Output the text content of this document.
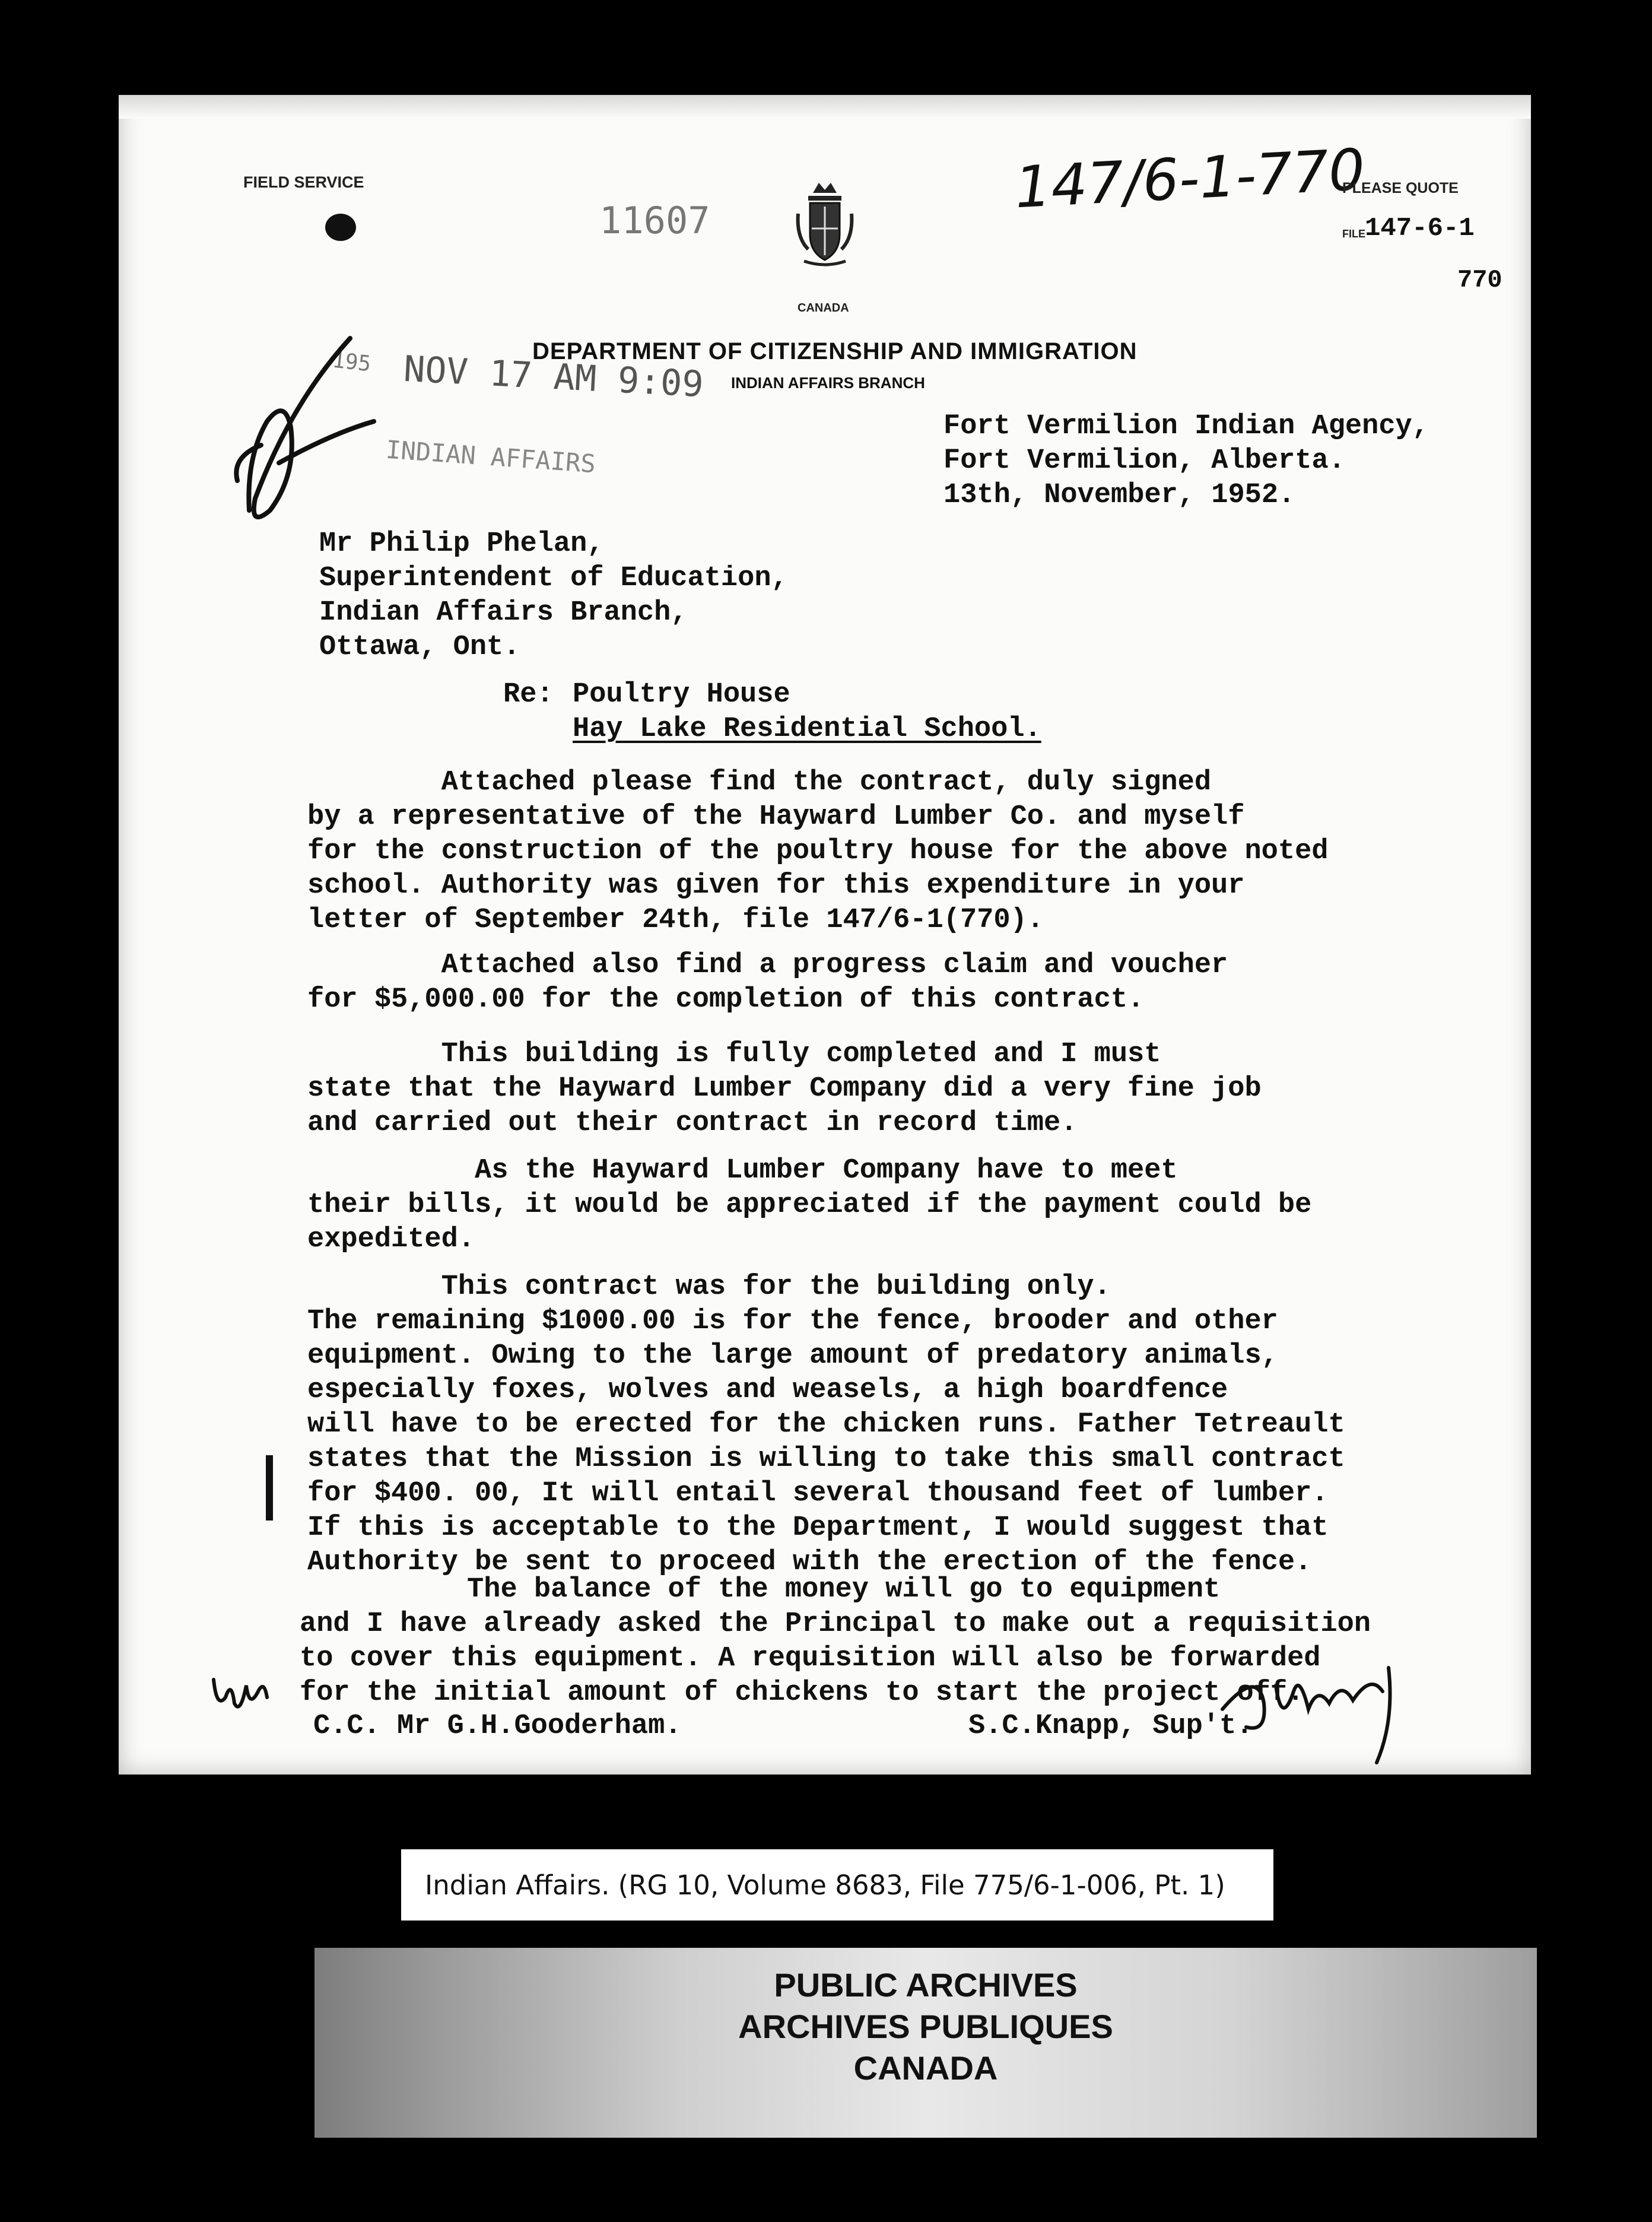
FIELD SERVICE
11607
CANADA
147/6-1-770
PLEASE QUOTE
FILE 147-6-1
770
DEPARTMENT OF CITIZENSHIP AND IMMIGRATION
INDIAN AFFAIRS BRANCH
195 NOV 17 AM 9:09
INDIAN AFFAIRS
Fort Vermilion Indian Agency,
Fort Vermilion, Alberta.
13th, November, 1952.
Mr Philip Phelan,
Superintendent of Education,
Indian Affairs Branch,
Ottawa, Ont.
Re: Poultry House
Hay Lake Residential School.
Attached please find the contract, duly signed
by a representative of the Hayward Lumber Co. and myself
for the construction of the poultry house for the above noted
school. Authority was given for this expenditure in your
letter of September 24th, file 147/6-1(770).
Attached also find a progress claim and voucher
for $5,000.00 for the completion of this contract.
This building is fully completed and I must
state that the Hayward Lumber Company did a very fine job
and carried out their contract in record time.
As the Hayward Lumber Company have to meet
their bills, it would be appreciated if the payment could be
expedited.
This contract was for the building only.
The remaining $1000.00 is for the fence, brooder and other
equipment. Owing to the large amount of predatory animals,
especially foxes, wolves and weasels, a high boardfence
will have to be erected for the chicken runs. Father Tetreault
states that the Mission is willing to take this small contract
for $400. 00, It will entail several thousand feet of lumber.
If this is acceptable to the Department, I would suggest that
Authority be sent to proceed with the erection of the fence.
The balance of the money will go to equipment
and I have already asked the Principal to make out a requisition
to cover this equipment. A requisition will also be forwarded
for the initial amount of chickens to start the project off.
C.C. Mr G.H.Gooderham.	S.C.Knapp, Sup't.
Indian Affairs. (RG 10, Volume 8683, File 775/6-1-006, Pt. 1)
PUBLIC ARCHIVES
ARCHIVES PUBLIQUES
CANADA
